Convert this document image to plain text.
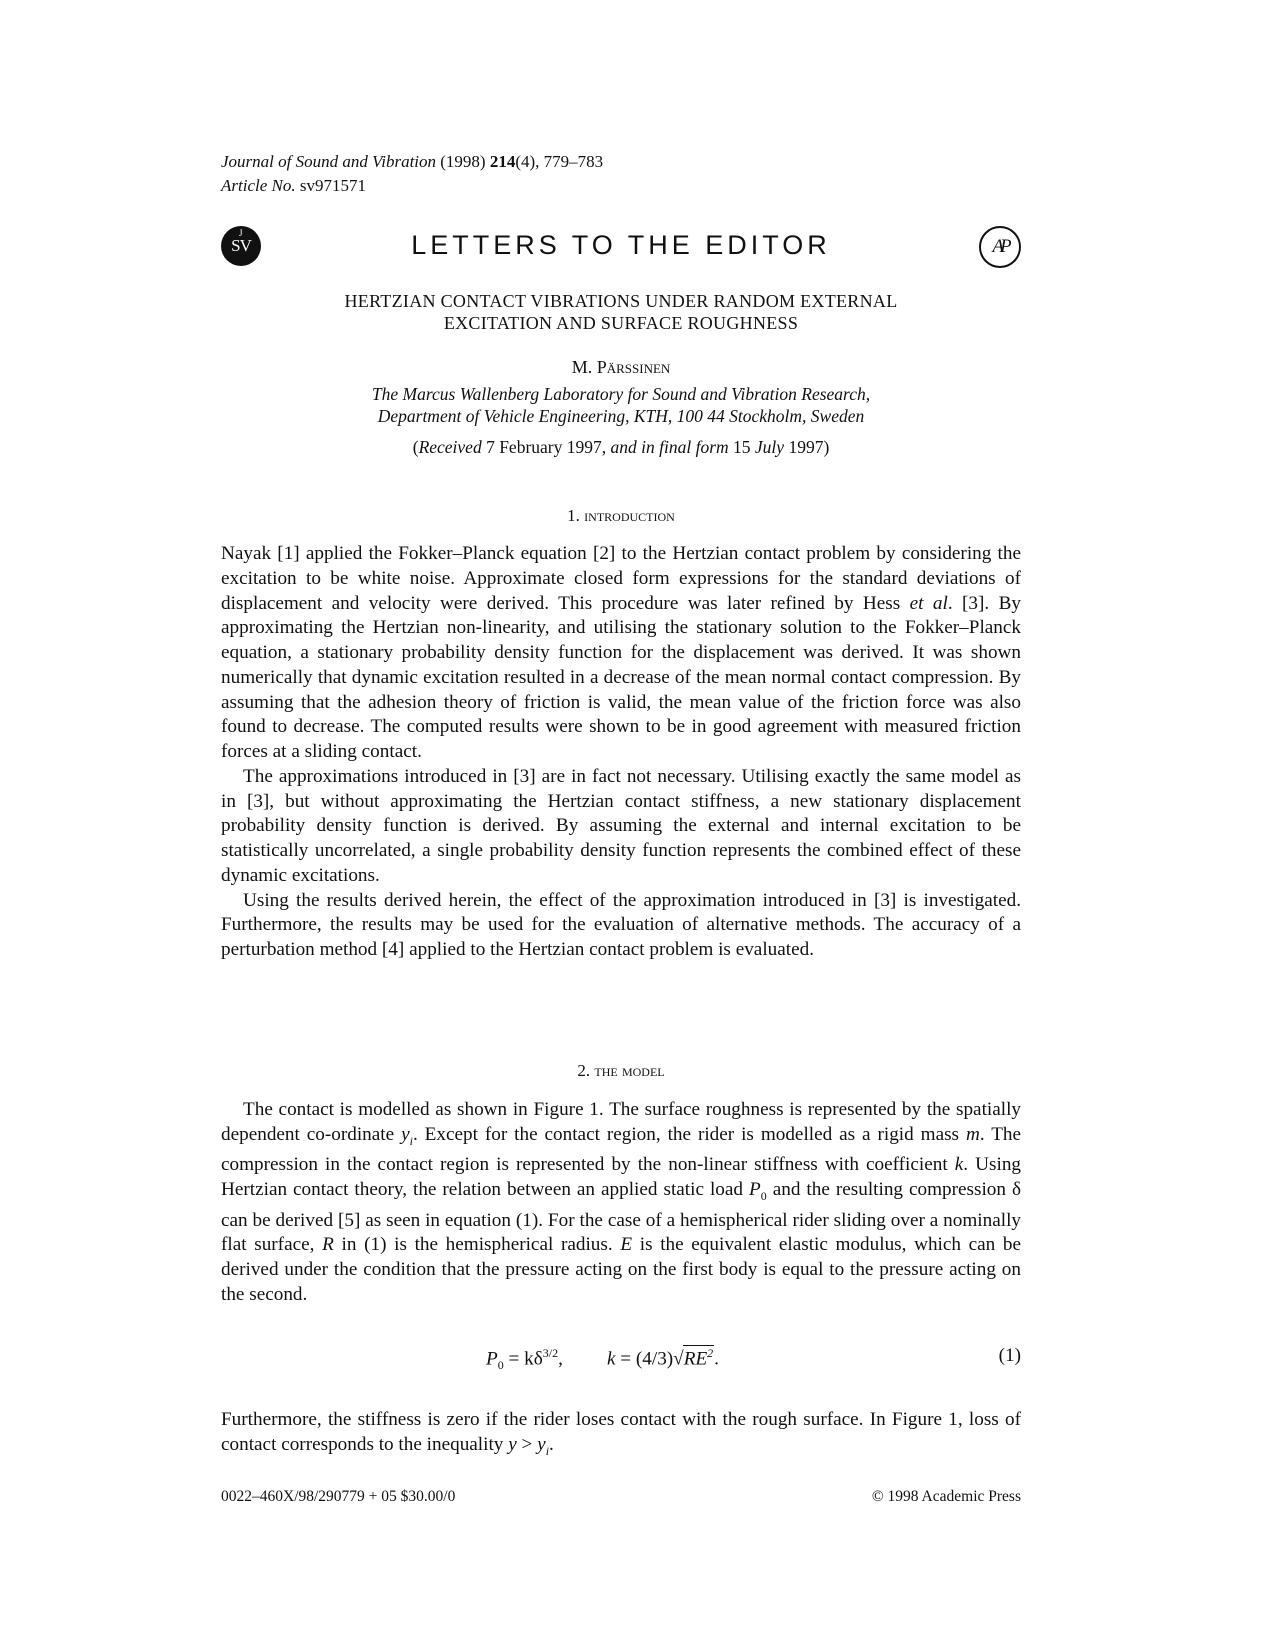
Journal of Sound and Vibration (1998) 214(4), 779–783
Article No. sv971571
J
SV	LETTERS TO THE EDITOR	AP
HERTZIAN CONTACT VIBRATIONS UNDER RANDOM EXTERNAL
EXCITATION AND SURFACE ROUGHNESS
M. Pärssinen
The Marcus Wallenberg Laboratory for Sound and Vibration Research,
Department of Vehicle Engineering, KTH, 100 44 Stockholm, Sweden
(Received 7 February 1997, and in final form 15 July 1997)
1. introduction

Nayak [1] applied the Fokker–Planck equation [2] to the Hertzian contact problem by considering the excitation to be white noise. Approximate closed form expressions for the standard deviations of displacement and velocity were derived. This procedure was later refined by Hess et al. [3]. By approximating the Hertzian non-linearity, and utilising the stationary solution to the Fokker–Planck equation, a stationary probability density function for the displacement was derived. It was shown numerically that dynamic excitation resulted in a decrease of the mean normal contact compression. By assuming that the adhesion theory of friction is valid, the mean value of the friction force was also found to decrease. The computed results were shown to be in good agreement with measured friction forces at a sliding contact.

The approximations introduced in [3] are in fact not necessary. Utilising exactly the same model as in [3], but without approximating the Hertzian contact stiffness, a new stationary displacement probability density function is derived. By assuming the external and internal excitation to be statistically uncorrelated, a single probability density function represents the combined effect of these dynamic excitations.

Using the results derived herein, the effect of the approximation introduced in [3] is investigated. Furthermore, the results may be used for the evaluation of alternative methods. The accuracy of a perturbation method [4] applied to the Hertzian contact problem is evaluated.

2. the model

The contact is modelled as shown in Figure 1. The surface roughness is represented by the spatially dependent co-ordinate $y_i$. Except for the contact region, the rider is modelled as a rigid mass m. The compression in the contact region is represented by the non-linear stiffness with coefficient k. Using Hertzian contact theory, the relation between an applied static load $P_0$ and the resulting compression δ can be derived [5] as seen in equation (1). For the case of a hemispherical rider sliding over a nominally flat surface, R in (1) is the hemispherical radius. E is the equivalent elastic modulus, which can be derived under the condition that the pressure acting on the first body is equal to the pressure acting on the second.

$P_0 = k\delta^{3/2}$, $k = (4/3)√RE^2$.	(1)

Furthermore, the stiffness is zero if the rider loses contact with the rough surface. In Figure 1, loss of contact corresponds to the inequality $y > y_i$.

0022–460X/98/290779 + 05 $30.00/0	© 1998 Academic Press
